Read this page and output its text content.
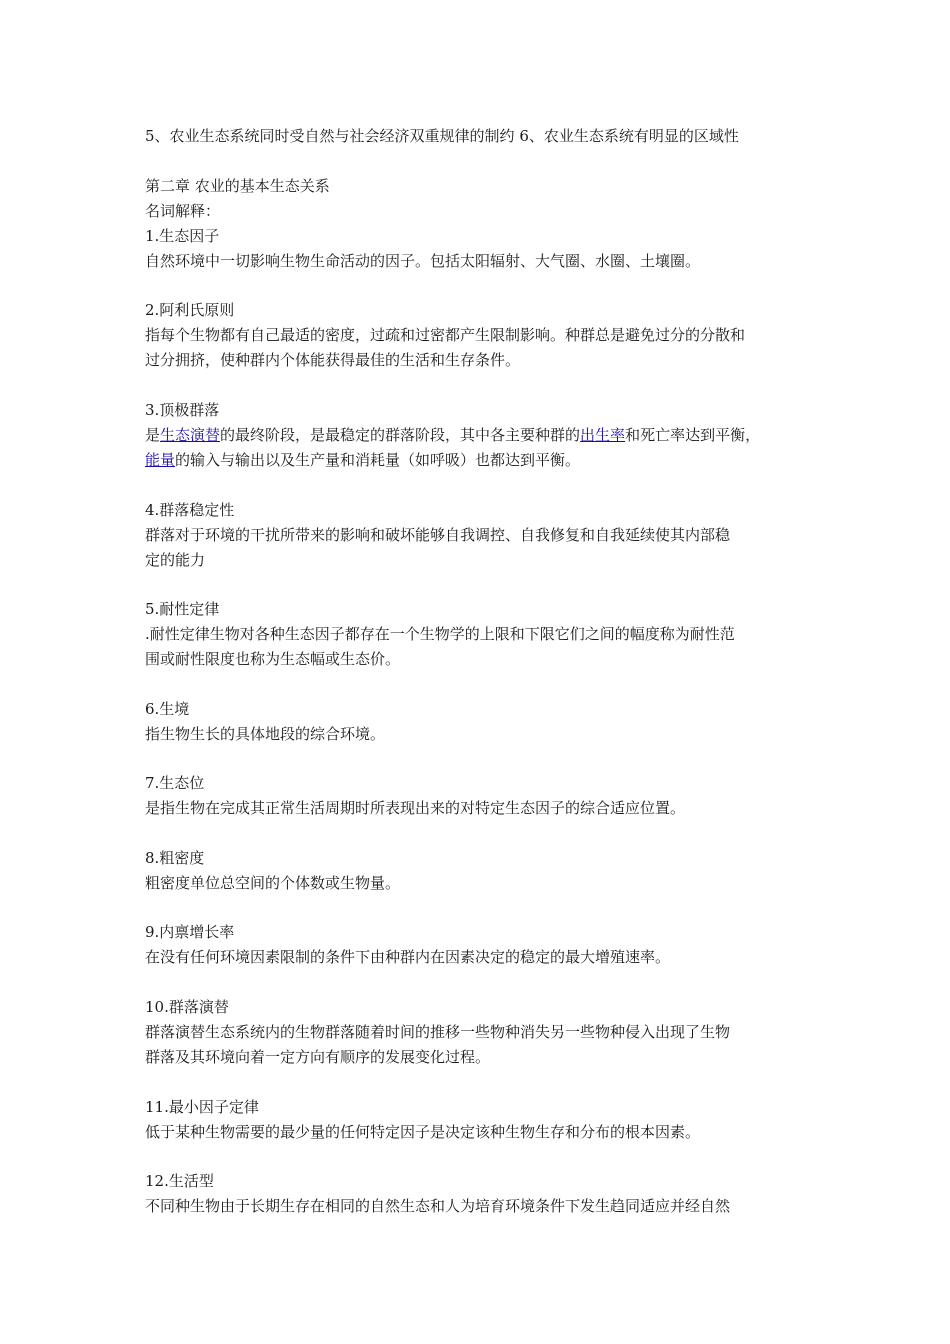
5、农业生态系统同时受自然与社会经济双重规律的制约 6、农业生态系统有明显的区域性
第二章 农业的基本生态关系
名词解释：
1.生态因子
自然环境中一切影响生物生命活动的因子。包括太阳辐射、大气圈、水圈、土壤圈。
2.阿利氏原则
指每个生物都有自己最适的密度，过疏和过密都产生限制影响。种群总是避免过分的分散和
过分拥挤，使种群内个体能获得最佳的生活和生存条件。
3.顶极群落
是生态演替的最终阶段，是最稳定的群落阶段，其中各主要种群的出生率和死亡率达到平衡，
能量的输入与输出以及生产量和消耗量（如呼吸）也都达到平衡。
4.群落稳定性
群落对于环境的干扰所带来的影响和破坏能够自我调控、自我修复和自我延续使其内部稳
定的能力
5.耐性定律
.耐性定律生物对各种生态因子都存在一个生物学的上限和下限它们之间的幅度称为耐性范
围或耐性限度也称为生态幅或生态价。
6.生境
指生物生长的具体地段的综合环境。
7.生态位
是指生物在完成其正常生活周期时所表现出来的对特定生态因子的综合适应位置。
8.粗密度
粗密度单位总空间的个体数或生物量。
9.内禀增长率
在没有任何环境因素限制的条件下由种群内在因素决定的稳定的最大增殖速率。
10.群落演替
群落演替生态系统内的生物群落随着时间的推移一些物种消失另一些物种侵入出现了生物
群落及其环境向着一定方向有顺序的发展变化过程。
11.最小因子定律
低于某种生物需要的最少量的任何特定因子是决定该种生物生存和分布的根本因素。
12.生活型
不同种生物由于长期生存在相同的自然生态和人为培育环境条件下发生趋同适应并经自然
